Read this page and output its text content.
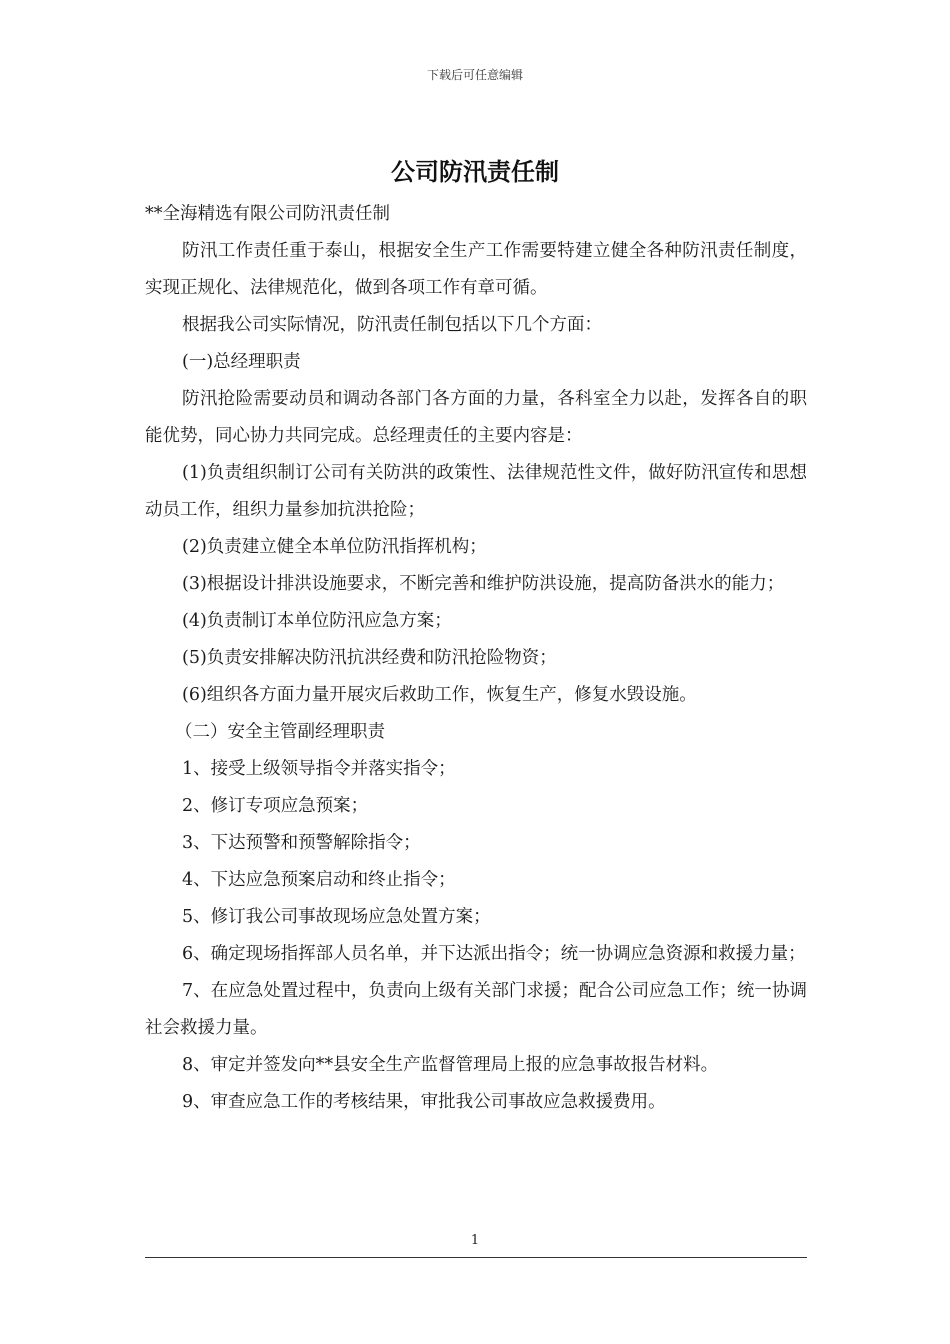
下载后可任意编辑
公司防汛责任制

**全海精选有限公司防汛责任制

防汛工作责任重于泰山，根据安全生产工作需要特建立健全各种防汛责任制度，实现正规化、法律规范化，做到各项工作有章可循。

根据我公司实际情况，防汛责任制包括以下几个方面：

(一)总经理职责

防汛抢险需要动员和调动各部门各方面的力量，各科室全力以赴，发挥各自的职能优势，同心协力共同完成。总经理责任的主要内容是：

(1)负责组织制订公司有关防洪的政策性、法律规范性文件，做好防汛宣传和思想动员工作，组织力量参加抗洪抢险；

(2)负责建立健全本单位防汛指挥机构；

(3)根据设计排洪设施要求，不断完善和维护防洪设施，提高防备洪水的能力；

(4)负责制订本单位防汛应急方案；

(5)负责安排解决防汛抗洪经费和防汛抢险物资；

(6)组织各方面力量开展灾后救助工作，恢复生产，修复水毁设施。

（二）安全主管副经理职责

1、接受上级领导指令并落实指令；

2、修订专项应急预案；

3、下达预警和预警解除指令；

4、下达应急预案启动和终止指令；

5、修订我公司事故现场应急处置方案；

6、确定现场指挥部人员名单，并下达派出指令；统一协调应急资源和救援力量；

7、在应急处置过程中，负责向上级有关部门求援；配合公司应急工作；统一协调社会救援力量。

8、审定并签发向**县安全生产监督管理局上报的应急事故报告材料。

9、审查应急工作的考核结果，审批我公司事故应急救援费用。

1
